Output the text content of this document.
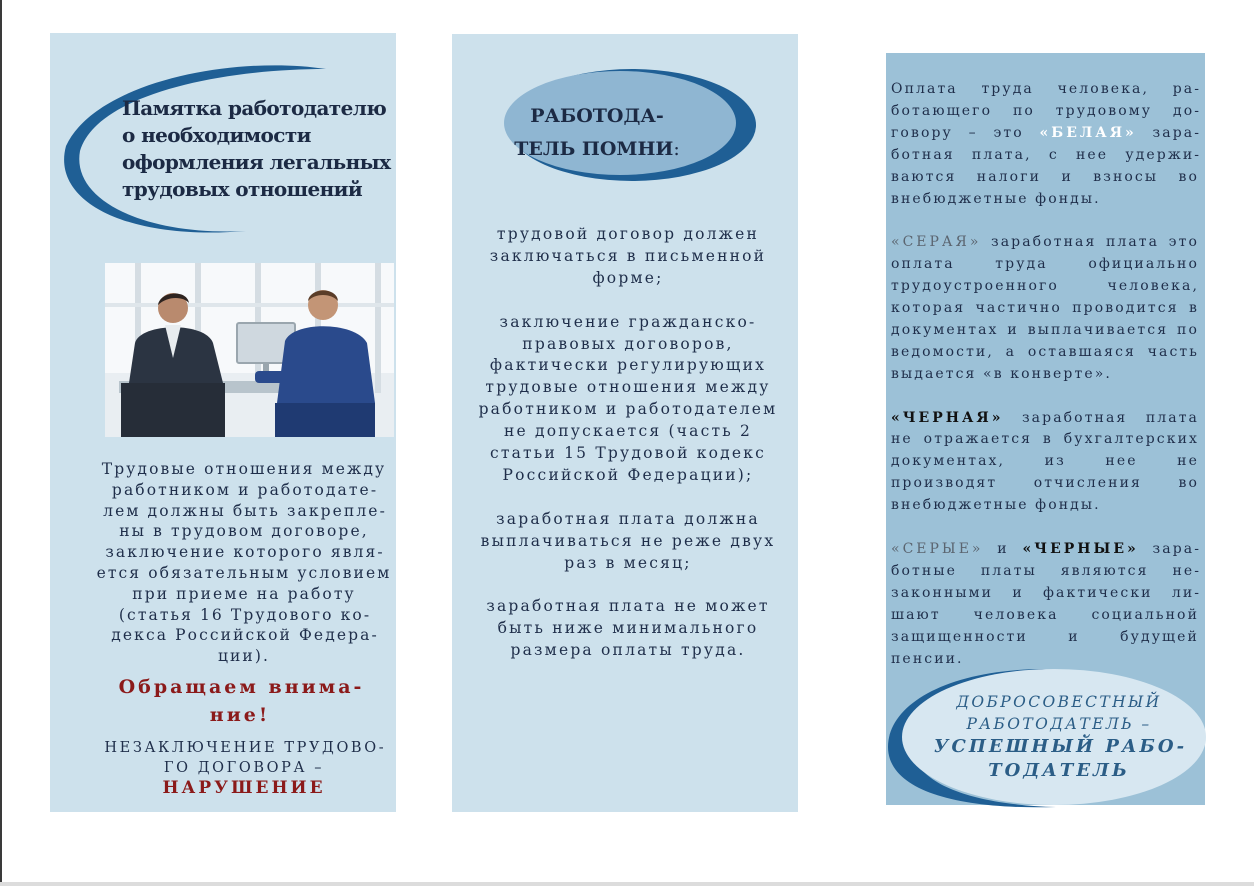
Памятка работодателю о необходимости оформления легальных трудовых отношений
Трудовые отношения между работником и работодателем должны быть закреплены в трудовом договоре, заключение которого является обязательным условием при приеме на работу (статья 16 Трудового кодекса Российской Федерации).
Обращаем внимание!
НЕЗАКЛЮЧЕНИЕ ТРУДОВОГО ДОГОВОРА –
НАРУШЕНИЕ
РАБОТОДА-
ТЕЛЬ ПОМНИ:

трудовой договор должен заключаться в письменной форме;

заключение гражданско-правовых договоров, фактически регулирующих трудовые отношения между работником и работодателем не допускается (часть 2 статьи 15 Трудовой кодекс Российской Федерации);

заработная плата должна выплачиваться не реже двух раз в месяц;

заработная плата не может быть ниже минимального размера оплаты труда.

Оплата труда человека, работающего по трудовому договору – это «БЕЛАЯ» заработная плата, с нее удерживаются налоги и взносы во внебюджетные фонды.

«СЕРАЯ» заработная плата это оплата труда официально трудоустроенного человека, которая частично проводится в документах и выплачивается по ведомости, а оставшаяся часть выдается «в конверте».

«ЧЕРНАЯ» заработная плата не отражается в бухгалтерских документах, из нее не производят отчисления во внебюджетные фонды.

«СЕРЫЕ» и «ЧЕРНЫЕ» заработные платы являются незаконными и фактически лишают человека социальной защищенности и будущей пенсии.

ДОБРОСОВЕСТНЫЙ РАБОТОДАТЕЛЬ –
УСПЕШНЫЙ РАБОТОДАТЕЛЬ
